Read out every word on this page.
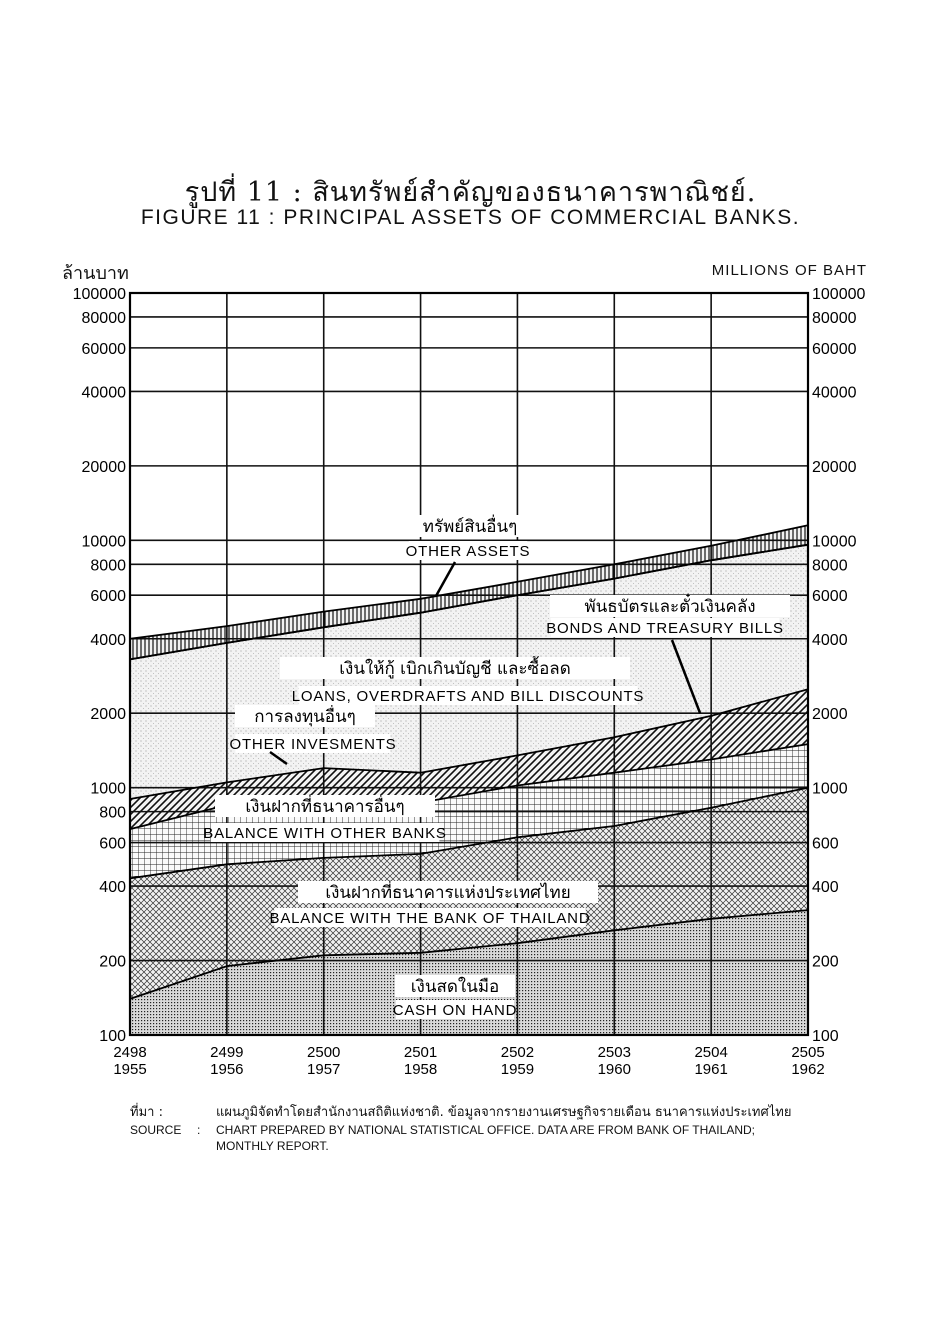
รูปที่ 11 : สินทรัพย์สำคัญของธนาคารพาณิชย์.
FIGURE 11 : PRINCIPAL ASSETS OF COMMERCIAL BANKS.
ล้านบาท	MILLIONS OF BAHT
100	100
200	200
400	400
600	600
800
1000	1000
2000	2000
4000	4000
6000	6000
8000	8000
10000	10000
20000	20000
40000	40000
60000	60000
80000	80000
100000	100000
2498
1955
2499
1956
2500
1957
2501
1958
2502
1959
2503
1960
2504
1961
2505
1962
เงินสดในมือ
CASH ON HAND
เงินฝากที่ธนาคารแห่งประเทศไทย
BALANCE WITH THE BANK OF THAILAND
เงินฝากที่ธนาคารอื่นๆ
BALANCE WITH OTHER BANKS
การลงทุนอื่นๆ
OTHER INVESMENTS
เงินให้กู้ เบิกเกินบัญชี และซื้อลด
LOANS, OVERDRAFTS AND BILL DISCOUNTS
พันธบัตรและตั๋วเงินคลัง
BONDS AND TREASURY BILLS
ทรัพย์สินอื่นๆ
OTHER ASSETS
ที่มา :	แผนภูมิจัดทำโดยสำนักงานสถิติแห่งชาติ. ข้อมูลจากรายงานเศรษฐกิจรายเดือน ธนาคารแห่งประเทศไทย
SOURCE : CHART PREPARED BY NATIONAL STATISTICAL OFFICE. DATA ARE FROM BANK OF THAILAND;
MONTHLY REPORT.
